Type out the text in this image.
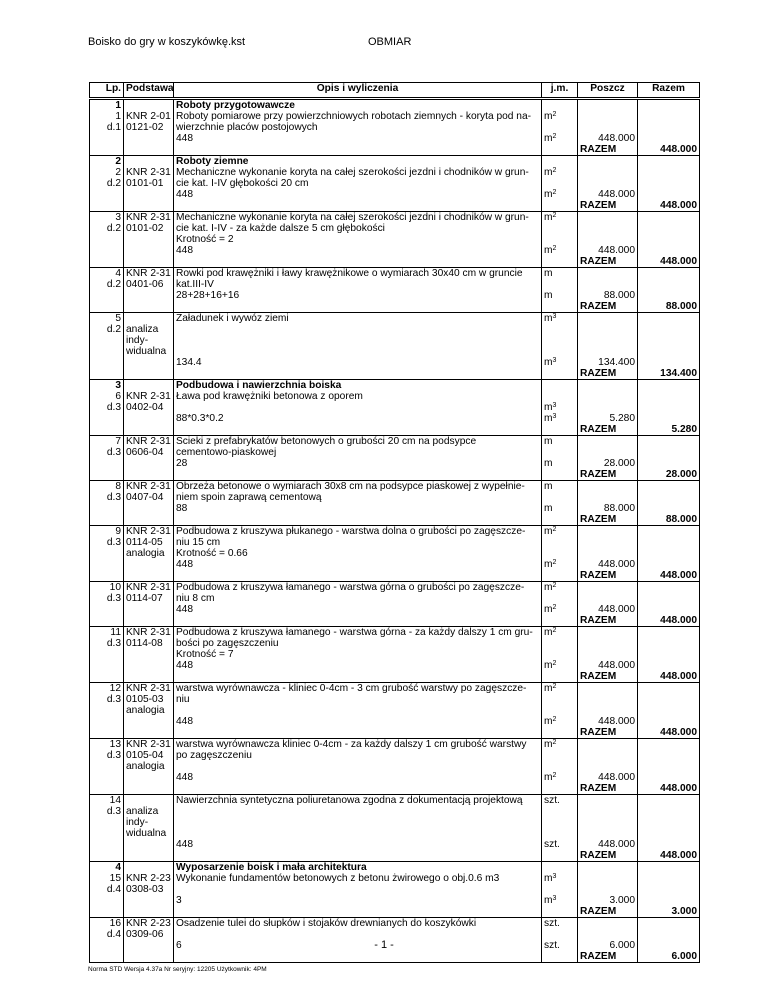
Boisko do gry w koszykówkę.kst	OBMIAR
Lp.	Podstawa	Opis i wyliczenia	j.m.	Poszcz	Razem
1		Roboty przygotowawcze			
1	KNR 2-01	Roboty pomiarowe przy powierzchniowych robotach ziemnych - koryta pod na-	$m^2$		
d.1	0121-02	wierzchnie placów postojowych			
		448	$m^2$	448.000	
				RAZEM	448.000
2		Roboty ziemne			
2	KNR 2-31	Mechaniczne wykonanie koryta na całej szerokości jezdni i chodników w grun-	$m^2$		
d.2	0101-01	cie kat. I-IV głębokości 20 cm			
		448	$m^2$	448.000	
				RAZEM	448.000
3	KNR 2-31	Mechaniczne wykonanie koryta na całej szerokości jezdni i chodników w grun-	$m^2$		
d.2	0101-02	cie kat. I-IV - za każde dalsze 5 cm głębokości			
		Krotność = 2			
		448	$m^2$	448.000	
				RAZEM	448.000
4	KNR 2-31	Rowki pod krawężniki i ławy krawężnikowe o wymiarach 30x40 cm w gruncie	m		
d.2	0401-06	kat.III-IV			
		28+28+16+16	m	88.000	
				RAZEM	88.000
5		Załadunek i wywóz ziemi	$m^3$		
d.2	analiza indy-				
	widualna				
		134.4	$m^3$	134.400	
				RAZEM	134.400
3		Podbudowa i nawierzchnia boiska			
6	KNR 2-31	Ława pod krawężniki betonowa z oporem			
d.3	0402-04		$m^3$		
		88*0.3*0.2	$m^3$	5.280	
				RAZEM	5.280
7	KNR 2-31	Scieki z prefabrykatów betonowych o grubości 20 cm na podsypce	m		
d.3	0606-04	cementowo-piaskowej			
		28	m	28.000	
				RAZEM	28.000
8	KNR 2-31	Obrzeża betonowe o wymiarach 30x8 cm na podsypce piaskowej z wypełnie-	m		
d.3	0407-04	niem spoin zaprawą cementową			
		88	m	88.000	
				RAZEM	88.000
9	KNR 2-31	Podbudowa z kruszywa płukanego - warstwa dolna o grubości po zagęszcze-	$m^2$		
d.3	0114-05	niu 15 cm			
	analogia	Krotność = 0.66			
		448	$m^2$	448.000	
				RAZEM	448.000
10	KNR 2-31	Podbudowa z kruszywa łamanego - warstwa górna o grubości po zagęszcze-	$m^2$		
d.3	0114-07	niu 8 cm			
		448	$m^2$	448.000	
				RAZEM	448.000
11	KNR 2-31	Podbudowa z kruszywa łamanego - warstwa górna - za każdy dalszy 1 cm gru-	$m^2$		
d.3	0114-08	bości po zagęszczeniu			
		Krotność = 7			
		448	$m^2$	448.000	
				RAZEM	448.000
12	KNR 2-31	warstwa wyrównawcza - kliniec 0-4cm - 3 cm grubość warstwy po zagęszcze-	$m^2$		
d.3	0105-03	niu			
	analogia				
		448	$m^2$	448.000	
				RAZEM	448.000
13	KNR 2-31	warstwa wyrównawcza kliniec 0-4cm - za każdy dalszy 1 cm grubość warstwy	$m^2$		
d.3	0105-04	po zagęszczeniu			
	analogia				
		448	$m^2$	448.000	
				RAZEM	448.000
14		Nawierzchnia syntetyczna poliuretanowa zgodna z dokumentacją projektową	szt.		
d.3	analiza indy-				
	widualna				
		448	szt.	448.000	
				RAZEM	448.000
4		Wyposarzenie boisk i mała architektura			
15	KNR 2-23	Wykonanie fundamentów betonowych z betonu żwirowego o obj.0.6 m3	$m^3$		
d.4	0308-03				
		3	$m^3$	3.000	
				RAZEM	3.000
16	KNR 2-23	Osadzenie tulei do słupków i stojaków drewnianych do koszykówki	szt.		
d.4	0309-06				
		6	szt.	6.000	
				RAZEM	6.000
- 1 -
Norma STD Wersja 4.37a Nr seryjny: 12205 Użytkownik: 4PM
